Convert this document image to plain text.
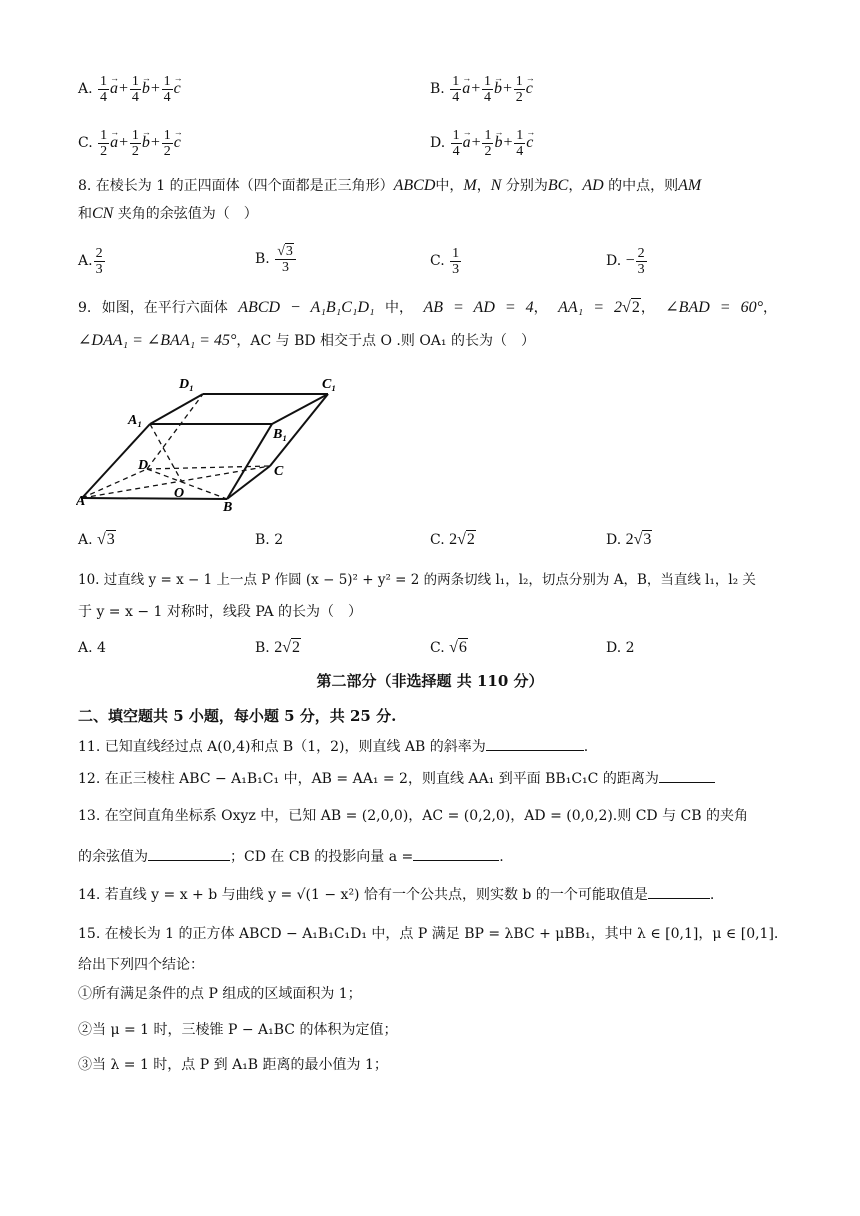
A. $\frac{1}{4} \to a+ \frac{1}{4} \to b+ \frac{1}{4} \to c$	B. $\frac{1}{4} \to a+ \frac{1}{4} \to b+ \frac{1}{2} \to c$
C. $\frac{1}{2} \to a+ \frac{1}{2} \to b+ \frac{1}{2} \to c$	D. $\frac{1}{4} \to a+ \frac{1}{2} \to b+ \frac{1}{4} \to c$
8. 在棱长为 1 的正四面体（四个面都是正三角形）ABCD中，M，N 分别为BC，AD 的中点，则AM
和CN 夹角的余弦值为（　）
A. $\frac{2}{3}$	B. $\frac{√3}{3}$	C. $\frac{1}{3}$	D. − $\frac{2}{3}$
9. 如图，在平行六面体 ABCD − A₁B₁C₁D₁ 中， AB = AD = 4， AA₁ = 2√2， ∠BAD = 60°，
∠DAA₁ = ∠BAA₁ = 45°，AC 与 BD 相交于点 O .则 OA₁ 的长为（　）
D₁	C₁
A₁
B₁
D	C
O
A	B
A. √3	B. 2	C. 2√2	D. 2√3
10. 过直线 y = x − 1 上一点 P 作圆 (x − 5)² + y² = 2 的两条切线 l₁，l₂，切点分别为 A，B，当直线 l₁，l₂ 关
于 y = x − 1 对称时，线段 PA 的长为（　）
A. 4	B. 2√2	C. √6	D. 2
第二部分（非选择题 共 110 分）
二、填空题共 5 小题，每小题 5 分，共 25 分.
11. 已知直线经过点 A(0,4)和点 B（1，2)，则直线 AB 的斜率为	.
12. 在正三棱柱 ABC − A₁B₁C₁ 中，AB = AA₁ = 2，则直线 AA₁ 到平面 BB₁C₁C 的距离为
13. 在空间直角坐标系 Oxyz 中，已知 AB = (2,0,0)，AC = (0,2,0)，AD = (0,0,2).则 CD 与 CB 的夹角
的余弦值为	；CD 在 CB 的投影向量 a =	.
14. 若直线 y = x + b 与曲线 y = √(1 − x²) 恰有一个公共点，则实数 b 的一个可能取值是	.
15. 在棱长为 1 的正方体 ABCD − A₁B₁C₁D₁ 中，点 P 满足 BP = λBC + μBB₁，其中 λ ∈ [0,1]，μ ∈ [0,1].
给出下列四个结论：
①所有满足条件的点 P 组成的区域面积为 1；
②当 μ = 1 时，三棱锥 P − A₁BC 的体积为定值；
③当 λ = 1 时，点 P 到 A₁B 距离的最小值为 1；
